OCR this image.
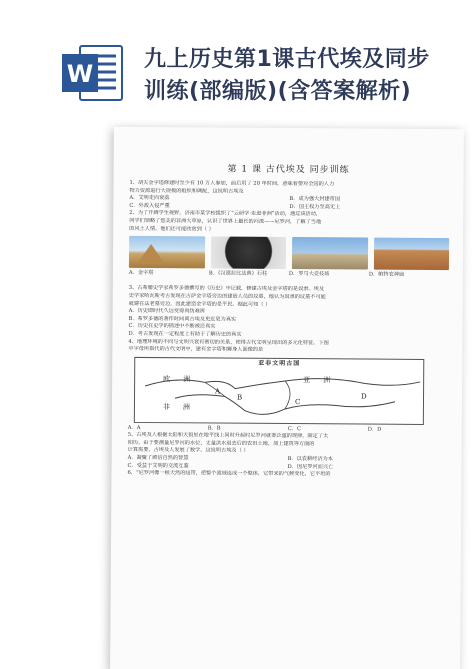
W
九上历史第1课古代埃及同步
训练(部编版)(含答案解析)
第 1 课 古代埃及 同步训练
1、胡夫金字塔修建时至少有 10 万人参加，前后用了 20 年时间，意味着要对全国的人力
物力资源进行大规模的组织和调配，这说明古埃及
A．文明走向衰落	B．成为强大封建帝国
C．外敌入侵严重	D．国王权力至高无上
2、为了开阔学生视野，济南市某学校组织了“云研学·走进非洲”活动，通过该活动，
同学们领略了悠美的非洲大草原，认识了世界上最长的河流——尼罗河，了解了当地
的风土人情。他们还可能欣赏到（ ）
A．金字塔	B．《汉谟拉比法典》石柱	D．罗马大竞技场	D．帕特农神庙
3、古希腊史学家希罗多德撰写的《历史》中记载，修建古埃及金字塔的是奴隶。埃及
史学家哈瓦斯考古发现在古萨金字塔旁边的建造人员的坟墓，他认为奴隶的坟墓不可能
就建在法老墓旁边，因此建造金字塔的是平民。据此可知（ ）
A．历史即时代久远变得真伪难辨
B．希罗多德的著作时间离古埃及更近更为真实
C．历史在史学的描述中不断被还真实
D．考古发现在一定程度上有助于了解历史的真实
4、地理环境的不同与文明兴衰有密切的关系，使得古代文明呈现出的多元化特征。下图
中字母所指代的古代文明中，建有金字塔和狮身人面像的是
亚非文明古国
欧 洲	亚 洲
A
B
C
D
非 洲
A．A	B．B	C．C	D．D
5、古埃及人根据太阳和天狼星在地平线上同时升起时尼罗河就要泛滥的规律，制定了太
阳历。由于要测量尼罗河的水位，丈量洪水退去后的农田土地，加上建筑等方面的
计算需要，古埃及人发展了数学。这说明古埃及（ ）
A．凝聚了顽信自然的智慧	B．以农耕经济为本
C．受益于文明的交流互鉴	D．因尼罗河而兴亡
6、“尼罗河像一根天然的纽带，把整个流域连成一个整体，它带来的气候变化，它平坦的
